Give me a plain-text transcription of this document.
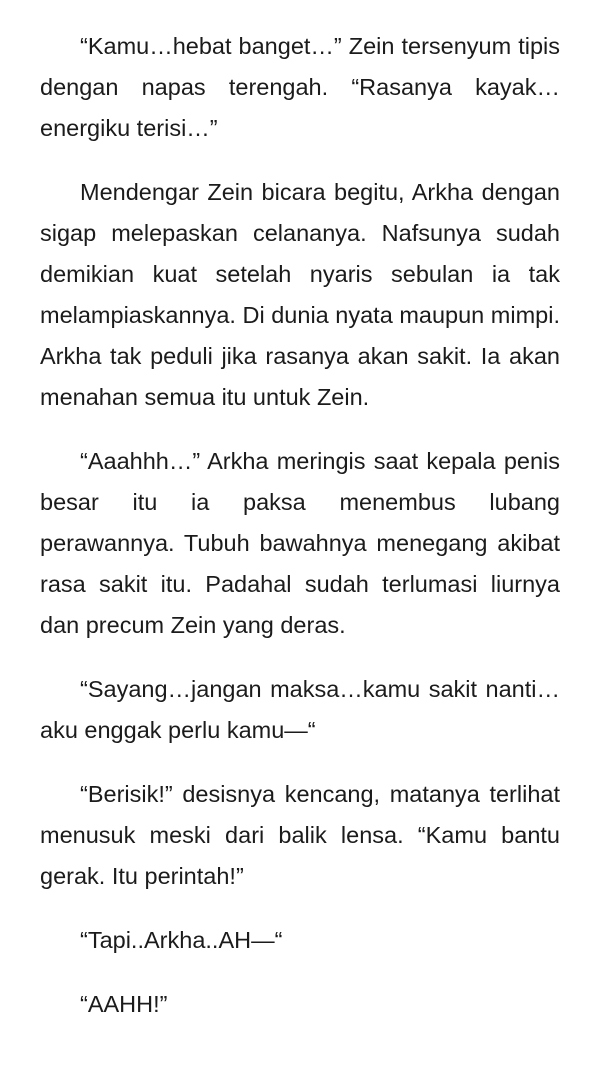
“Kamu…hebat banget…” Zein tersenyum tipis dengan napas terengah. “Rasanya kayak…energiku terisi…”

Mendengar Zein bicara begitu, Arkha dengan sigap melepaskan celananya. Nafsunya sudah demikian kuat setelah nyaris sebulan ia tak melampiaskannya. Di dunia nyata maupun mimpi. Arkha tak peduli jika rasanya akan sakit. Ia akan menahan semua itu untuk Zein.

“Aaahhh…” Arkha meringis saat kepala penis besar itu ia paksa menembus lubang perawannya. Tubuh bawahnya menegang akibat rasa sakit itu. Padahal sudah terlumasi liurnya dan precum Zein yang deras.

“Sayang…jangan maksa…kamu sakit nanti…aku enggak perlu kamu—“

“Berisik!” desisnya kencang, matanya terlihat menusuk meski dari balik lensa. “Kamu bantu gerak. Itu perintah!”

“Tapi..Arkha..AH—“

“AAHH!”
